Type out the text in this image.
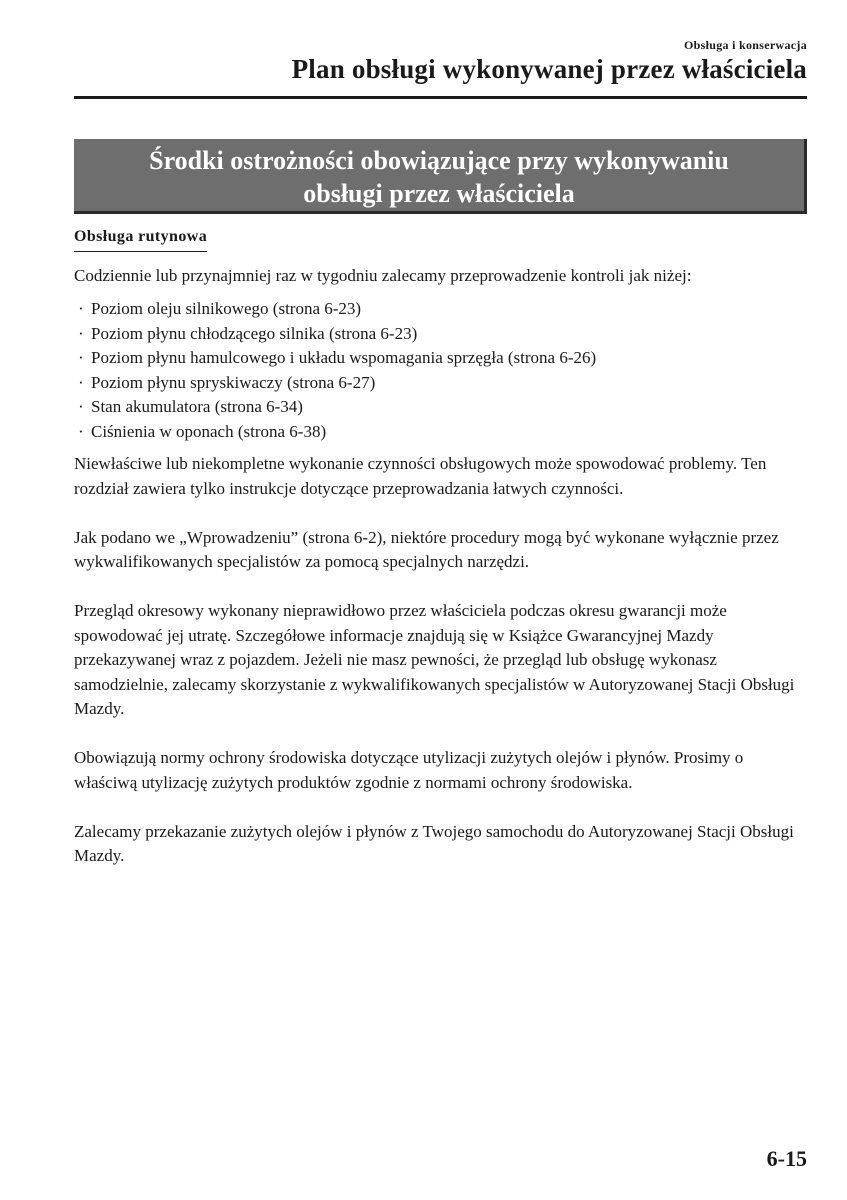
Obsługa i konserwacja
Plan obsługi wykonywanej przez właściciela
Środki ostrożności obowiązujące przy wykonywaniu
obsługi przez właściciela
Obsługa rutynowa

Codziennie lub przynajmniej raz w tygodniu zalecamy przeprowadzenie kontroli jak niżej:

· Poziom oleju silnikowego (strona 6-23)
· Poziom płynu chłodzącego silnika (strona 6-23)
· Poziom płynu hamulcowego i układu wspomagania sprzęgła (strona 6-26)
· Poziom płynu spryskiwaczy (strona 6-27)
· Stan akumulatora (strona 6-34)
· Ciśnienia w oponach (strona 6-38)

Niewłaściwe lub niekompletne wykonanie czynności obsługowych może spowodować problemy. Ten rozdział zawiera tylko instrukcje dotyczące przeprowadzania łatwych czynności.

Jak podano we „Wprowadzeniu” (strona 6-2), niektóre procedury mogą być wykonane wyłącznie przez wykwalifikowanych specjalistów za pomocą specjalnych narzędzi.

Przegląd okresowy wykonany nieprawidłowo przez właściciela podczas okresu gwarancji może spowodować jej utratę. Szczegółowe informacje znajdują się w Książce Gwarancyjnej Mazdy przekazywanej wraz z pojazdem. Jeżeli nie masz pewności, że przegląd lub obsługę wykonasz samodzielnie, zalecamy skorzystanie z wykwalifikowanych specjalistów w Autoryzowanej Stacji Obsługi Mazdy.

Obowiązują normy ochrony środowiska dotyczące utylizacji zużytych olejów i płynów. Prosimy o właściwą utylizację zużytych produktów zgodnie z normami ochrony środowiska.

Zalecamy przekazanie zużytych olejów i płynów z Twojego samochodu do Autoryzowanej Stacji Obsługi Mazdy.

6-15
